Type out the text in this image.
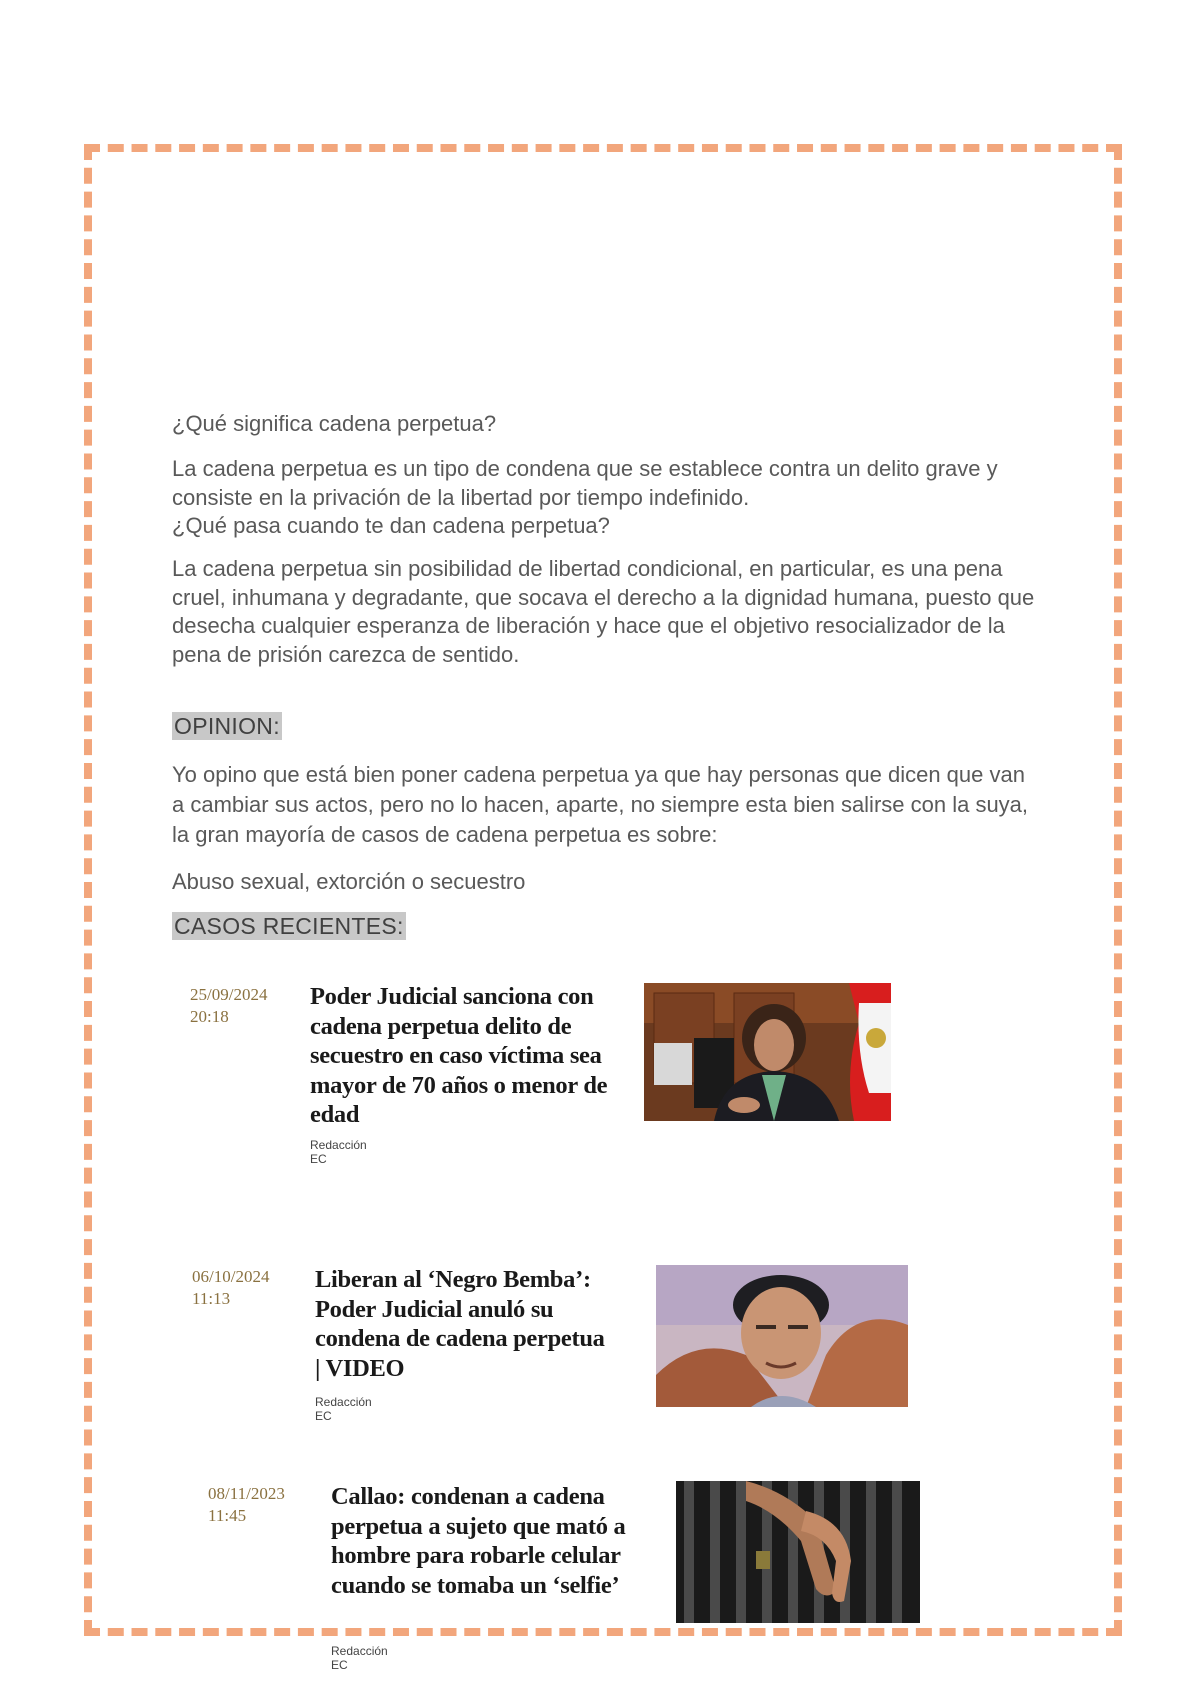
¿Qué significa cadena perpetua?

La cadena perpetua es un tipo de condena que se establece contra un delito grave y consiste en la privación de la libertad por tiempo indefinido.

¿Qué pasa cuando te dan cadena perpetua?

La cadena perpetua sin posibilidad de libertad condicional, en particular, es una pena cruel, inhumana y degradante, que socava el derecho a la dignidad humana, puesto que desecha cualquier esperanza de liberación y hace que el objetivo resocializador de la pena de prisión carezca de sentido.

OPINION:

Yo opino que está bien poner cadena perpetua ya que hay personas que dicen que van a cambiar sus actos, pero no lo hacen, aparte, no siempre esta bien salirse con la suya, la gran mayoría de casos de cadena perpetua es sobre:

Abuso sexual, extorción o secuestro

CASOS RECIENTES:

25/09/2024
20:18
Poder Judicial sanciona con cadena perpetua delito de secuestro en caso víctima sea mayor de 70 años o menor de edad
Redacción EC
06/10/2024
11:13
Liberan al ‘Negro Bemba’: Poder Judicial anuló su condena de cadena perpetua | VIDEO
Redacción EC
08/11/2023
11:45
Callao: condenan a cadena perpetua a sujeto que mató a hombre para robarle celular cuando se tomaba un ‘selfie’
Redacción EC
